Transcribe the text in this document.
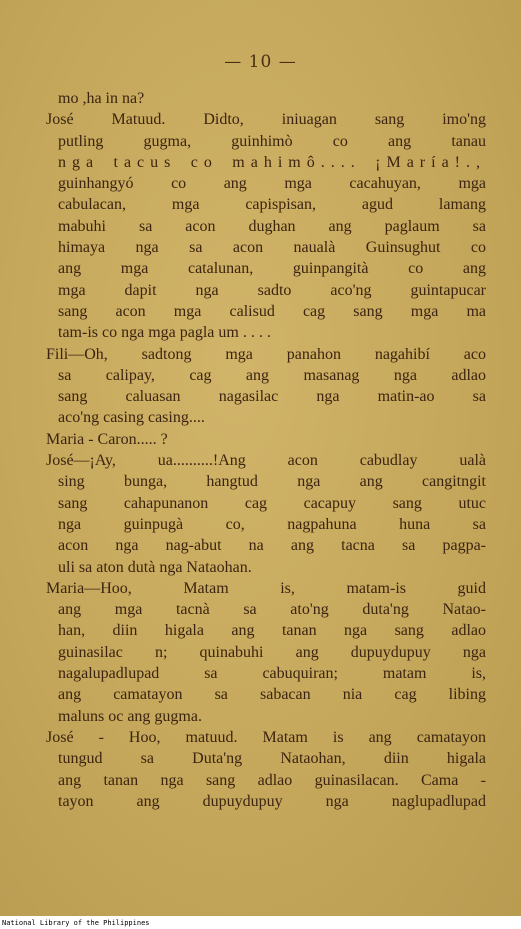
— 10 —
mo ,ha in na?
José Matuud. Didto, iniuagan sang imo'ng
putling gugma, guinhimò co ang tanau
nga tacus co mahimô.... ¡María!.,
guinhangyó co ang mga cacahuyan, mga
cabulacan, mga capispisan, agud lamang
mabuhi sa acon dughan ang paglaum sa
himaya nga sa acon naualà Guinsughut co
ang mga catalunan, guinpangità co ang
mga dapit nga sadto aco'ng guintapucar
sang acon mga calisud cag sang mga ma
tam-is co nga mga pagla um . . . .
Fili—Oh, sadtong mga panahon nagahibí aco
sa calipay, cag ang masanag nga adlao
sang caluasan nagasilac nga matin-ao sa
aco'ng casing casing....
Maria - Caron..... ?
José—¡Ay, ua..........!Ang acon cabudlay ualà
sing bunga, hangtud nga ang cangitngit
sang cahapunanon cag cacapuy sang utuc
nga guinpugà co, nagpahuna huna sa
acon nga nag-abut na ang tacna sa pagpa-
uli sa aton dutà nga Nataohan.
Maria—Hoo, Matam is, matam-is guid
ang mga tacnà sa ato'ng duta'ng Natao-
han, diin higala ang tanan nga sang adlao
guinasilac n; quinabuhi ang dupuydupuy nga
nagalupadlupad sa cabuquiran; matam is,
ang camatayon sa sabacan nia cag libing
maluns oc ang gugma.
José - Hoo, matuud. Matam is ang camatayon
tungud sa Duta'ng Nataohan, diin higala
ang tanan nga sang adlao guinasilacan. Cama -
tayon ang dupuydupuy nga naglupadlupad
National Library of the Philippines
